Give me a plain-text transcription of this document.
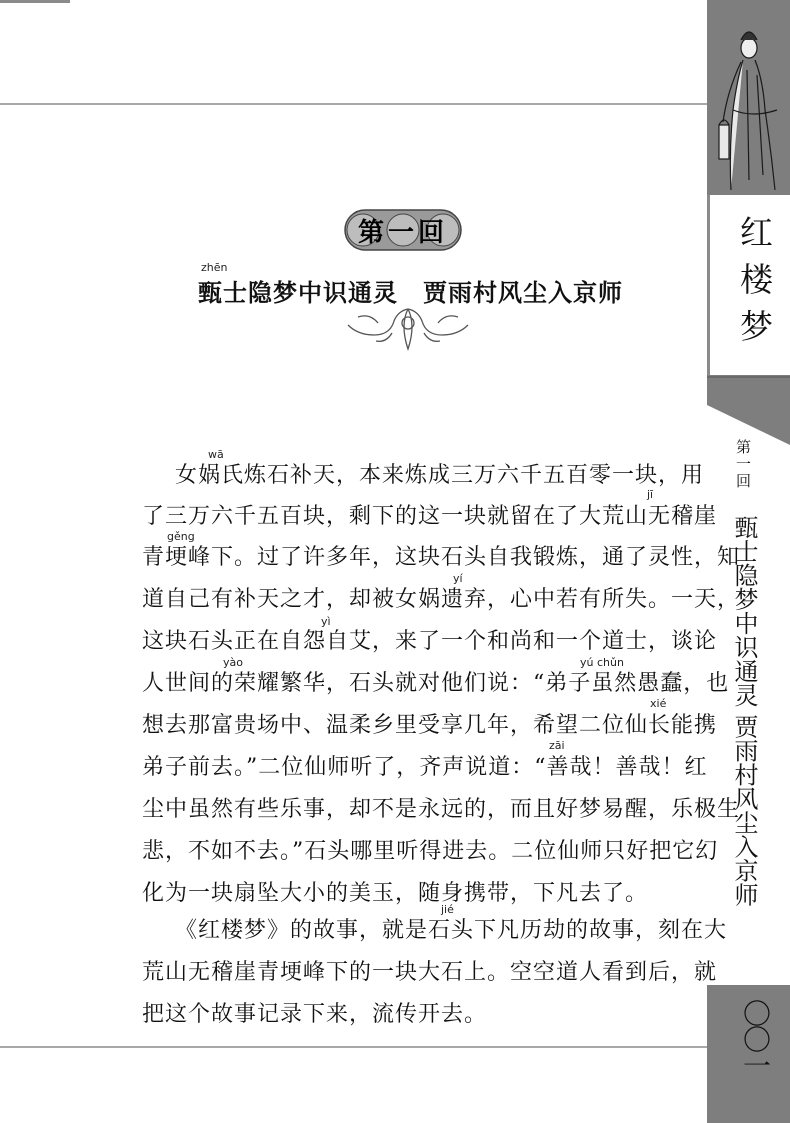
红楼梦
第一回
甄士隐梦中识通灵 贾雨村风尘入京师
〇〇一
第一回
zhēn
甄士隐梦中识通灵　贾雨村风尘入京师
wā
女娲氏炼石补天，本来炼成三万六千五百零一块，用
jī
了三万六千五百块，剩下的这一块就留在了大荒山无稽崖
gěng
青埂峰下。过了许多年，这块石头自我锻炼，通了灵性，知
yí
道自己有补天之才，却被女娲遗弃，心中若有所失。一天，
yì
这块石头正在自怨自艾，来了一个和尚和一个道士，谈论
yào	yú chǔn
人世间的荣耀繁华，石头就对他们说：“弟子虽然愚蠢，也
xié
想去那富贵场中、温柔乡里受享几年，希望二位仙长能携
zāi
弟子前去。”二位仙师听了，齐声说道：“善哉！善哉！红
尘中虽然有些乐事，却不是永远的，而且好梦易醒，乐极生
悲，不如不去。”石头哪里听得进去。二位仙师只好把它幻
化为一块扇坠大小的美玉，随身携带，下凡去了。
jié
《红楼梦》的故事，就是石头下凡历劫的故事，刻在大
荒山无稽崖青埂峰下的一块大石上。空空道人看到后，就
把这个故事记录下来，流传开去。
